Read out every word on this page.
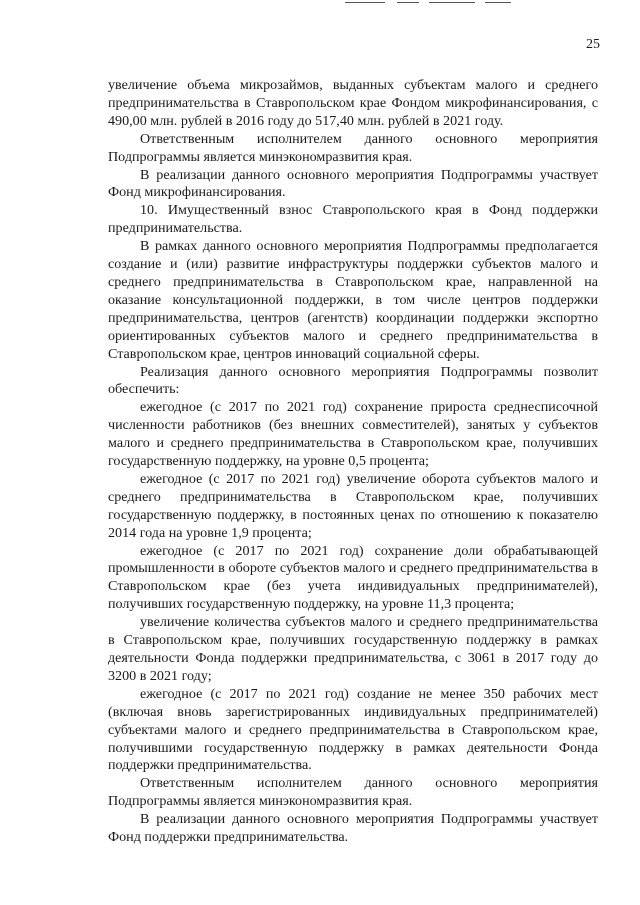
25

увеличение объема микрозаймов, выданных субъектам малого и среднего предпринимательства в Ставропольском крае Фондом микрофинансирования, с 490,00 млн. рублей в 2016 году до 517,40 млн. рублей в 2021 году.

Ответственным исполнителем данного основного мероприятия Подпрограммы является минэкономразвития края.

В реализации данного основного мероприятия Подпрограммы участвует Фонд микрофинансирования.

10. Имущественный взнос Ставропольского края в Фонд поддержки предпринимательства.

В рамках данного основного мероприятия Подпрограммы предполагается создание и (или) развитие инфраструктуры поддержки субъектов малого и среднего предпринимательства в Ставропольском крае, направленной на оказание консультационной поддержки, в том числе центров поддержки предпринимательства, центров (агентств) координации поддержки экспортно ориентированных субъектов малого и среднего предпринимательства в Ставропольском крае, центров инноваций социальной сферы.

Реализация данного основного мероприятия Подпрограммы позволит обеспечить:

ежегодное (с 2017 по 2021 год) сохранение прироста среднесписочной численности работников (без внешних совместителей), занятых у субъектов малого и среднего предпринимательства в Ставропольском крае, получивших государственную поддержку, на уровне 0,5 процента;

ежегодное (с 2017 по 2021 год) увеличение оборота субъектов малого и среднего предпринимательства в Ставропольском крае, получивших государственную поддержку, в постоянных ценах по отношению к показателю 2014 года на уровне 1,9 процента;

ежегодное (с 2017 по 2021 год) сохранение доли обрабатывающей промышленности в обороте субъектов малого и среднего предпринимательства в Ставропольском крае (без учета индивидуальных предпринимателей), получивших государственную поддержку, на уровне 11,3 процента;

увеличение количества субъектов малого и среднего предпринимательства в Ставропольском крае, получивших государственную поддержку в рамках деятельности Фонда поддержки предпринимательства, с 3061 в 2017 году до 3200 в 2021 году;

ежегодное (с 2017 по 2021 год) создание не менее 350 рабочих мест (включая вновь зарегистрированных индивидуальных предпринимателей) субъектами малого и среднего предпринимательства в Ставропольском крае, получившими государственную поддержку в рамках деятельности Фонда поддержки предпринимательства.

Ответственным исполнителем данного основного мероприятия Подпрограммы является минэкономразвития края.

В реализации данного основного мероприятия Подпрограммы участвует Фонд поддержки предпринимательства.
